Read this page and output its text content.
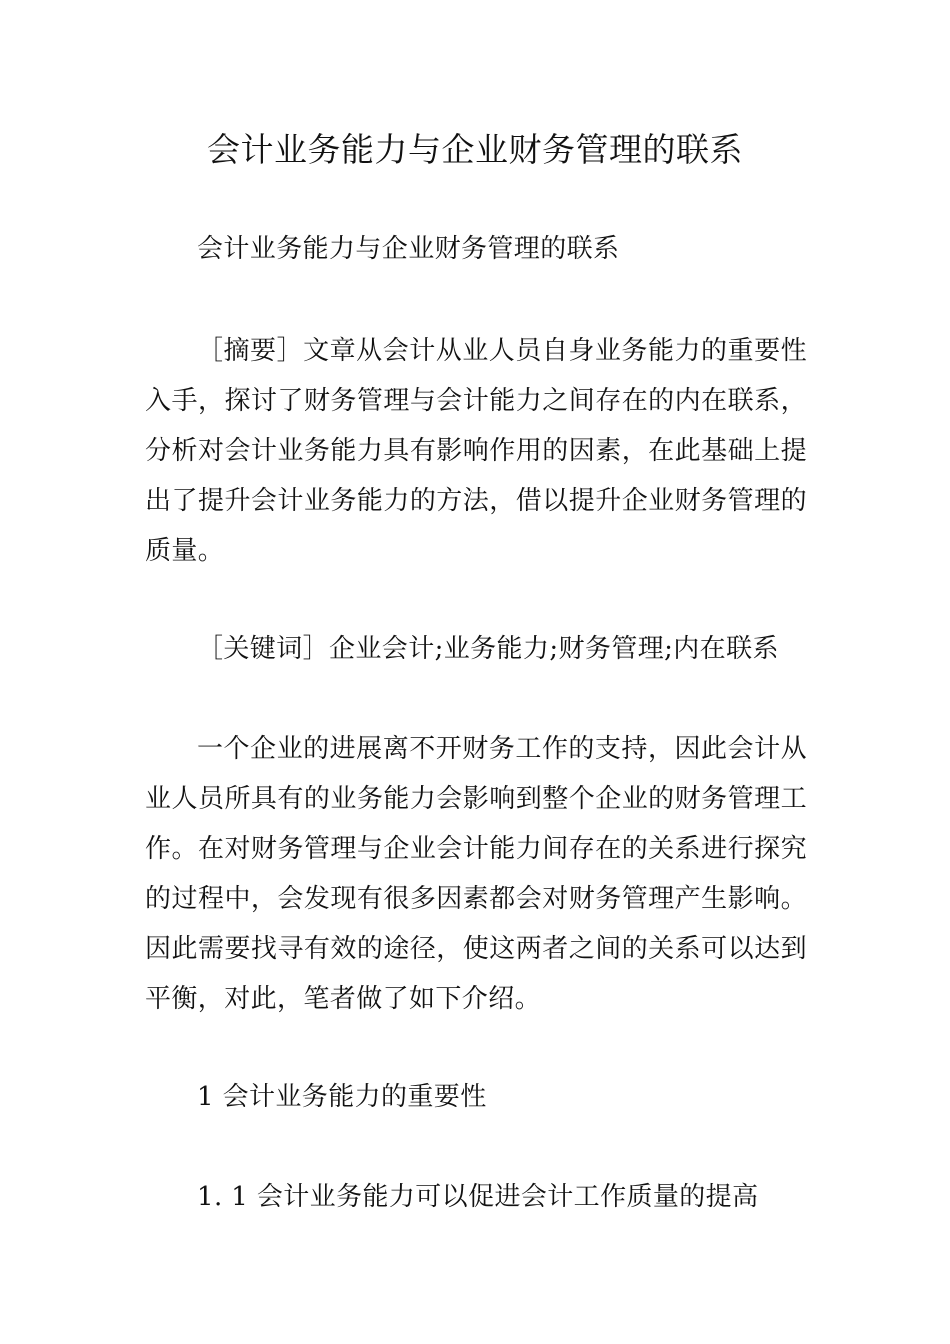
会计业务能力与企业财务管理的联系

会计业务能力与企业财务管理的联系

［摘要］文章从会计从业人员自身业务能力的重要性入手，探讨了财务管理与会计能力之间存在的内在联系，分析对会计业务能力具有影响作用的因素，在此基础上提出了提升会计业务能力的方法，借以提升企业财务管理的质量。

［关键词］企业会计;业务能力;财务管理;内在联系

一个企业的进展离不开财务工作的支持，因此会计从业人员所具有的业务能力会影响到整个企业的财务管理工作。在对财务管理与企业会计能力间存在的关系进行探究的过程中，会发现有很多因素都会对财务管理产生影响。因此需要找寻有效的途径，使这两者之间的关系可以达到平衡，对此，笔者做了如下介绍。

1 会计业务能力的重要性

1. 1 会计业务能力可以促进会计工作质量的提高
